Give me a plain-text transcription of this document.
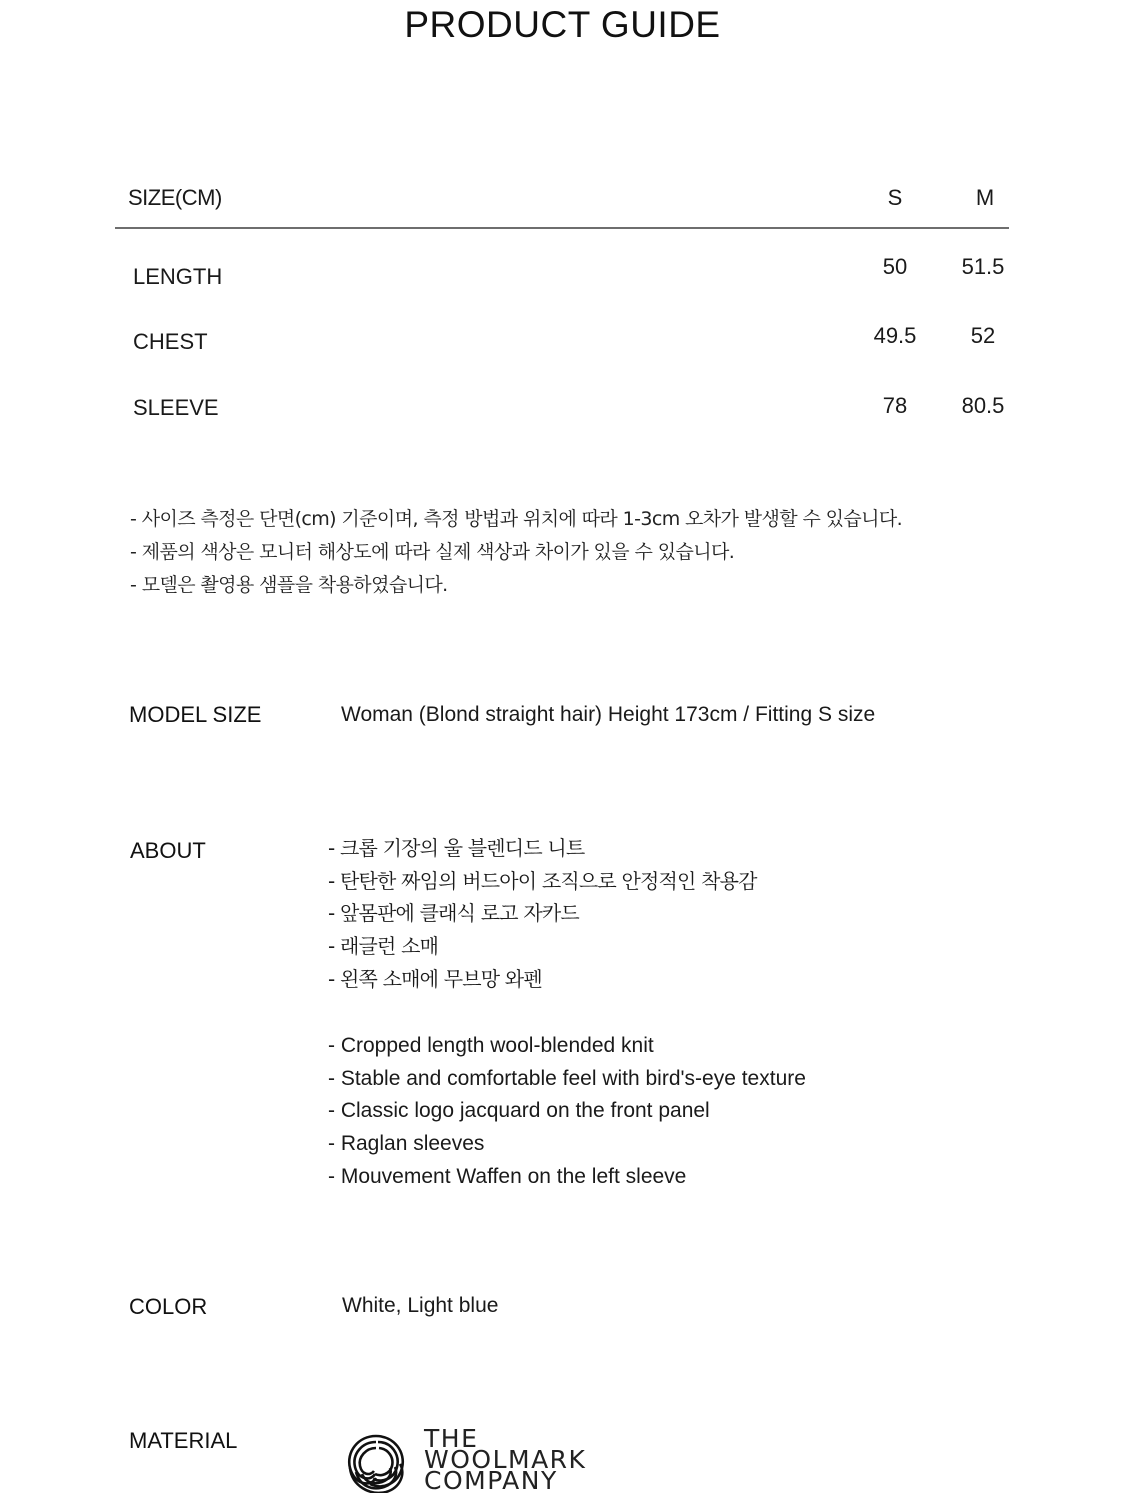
PRODUCT GUIDE
SIZE(CM)	S	M
LENGTH	50	51.5
CHEST	49.5	52
SLEEVE	78	80.5
- 사이즈 측정은 단면(cm) 기준이며, 측정 방법과 위치에 따라 1-3cm 오차가 발생할 수 있습니다.
- 제품의 색상은 모니터 해상도에 따라 실제 색상과 차이가 있을 수 있습니다.
- 모델은 촬영용 샘플을 착용하였습니다.
MODEL SIZE	Woman (Blond straight hair) Height 173cm / Fitting S size
ABOUT	- 크롭 기장의 울 블렌디드 니트
- 탄탄한 짜임의 버드아이 조직으로 안정적인 착용감
- 앞몸판에 클래식 로고 자카드
- 래글런 소매
- 왼쪽 소매에 무브망 와펜
- Cropped length wool-blended knit
- Stable and comfortable feel with bird's-eye texture
- Classic logo jacquard on the front panel
- Raglan sleeves
- Mouvement Waffen on the left sleeve
COLOR	White, Light blue
MATERIAL	THE
WOOLMARK
COMPANY
